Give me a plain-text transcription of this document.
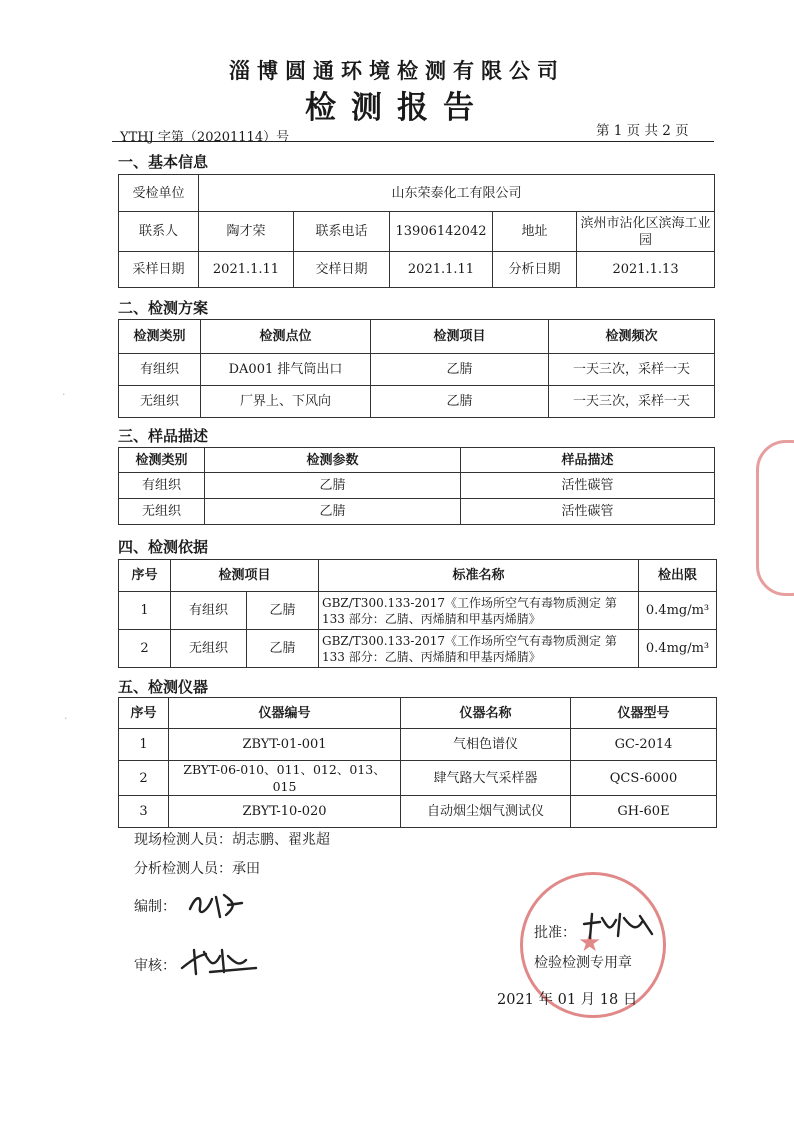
淄博圆通环境检测有限公司
检测报告
YTHJ 字第（20201114）号	第 1 页 共 2 页
一、基本信息
受检单位	山东荣泰化工有限公司				
联系人	陶才荣	联系电话	13906142042	地址	滨州市沾化区滨海工业园
采样日期	2021.1.11	交样日期	2021.1.11	分析日期	2021.1.13
二、检测方案
检测类别	检测点位	检测项目	检测频次
有组织	DA001 排气筒出口	乙腈	一天三次，采样一天
无组织	厂界上、下风向	乙腈	一天三次，采样一天
三、样品描述
检测类别	检测参数	样品描述
有组织	乙腈	活性碳管
无组织	乙腈	活性碳管
四、检测依据
序号	检测项目		标准名称	检出限
1	有组织	乙腈	GBZ/T300.133-2017《工作场所空气有毒物质测定 第 133 部分：乙腈、丙烯腈和甲基丙烯腈》	0.4mg/m³
2	无组织	乙腈	GBZ/T300.133-2017《工作场所空气有毒物质测定 第 133 部分：乙腈、丙烯腈和甲基丙烯腈》	0.4mg/m³
五、检测仪器
序号	仪器编号	仪器名称	仪器型号
1	ZBYT-01-001	气相色谱仪	GC-2014
2	ZBYT-06-010、011、012、013、015	肆气路大气采样器	QCS-6000
3	ZBYT-10-020	自动烟尘烟气测试仪	GH-60E
现场检测人员：胡志鹏、翟兆超
分析检测人员：承田
编制：
审核：
★
批准：
检验检测专用章
2021 年 01 月 18 日
·
·
